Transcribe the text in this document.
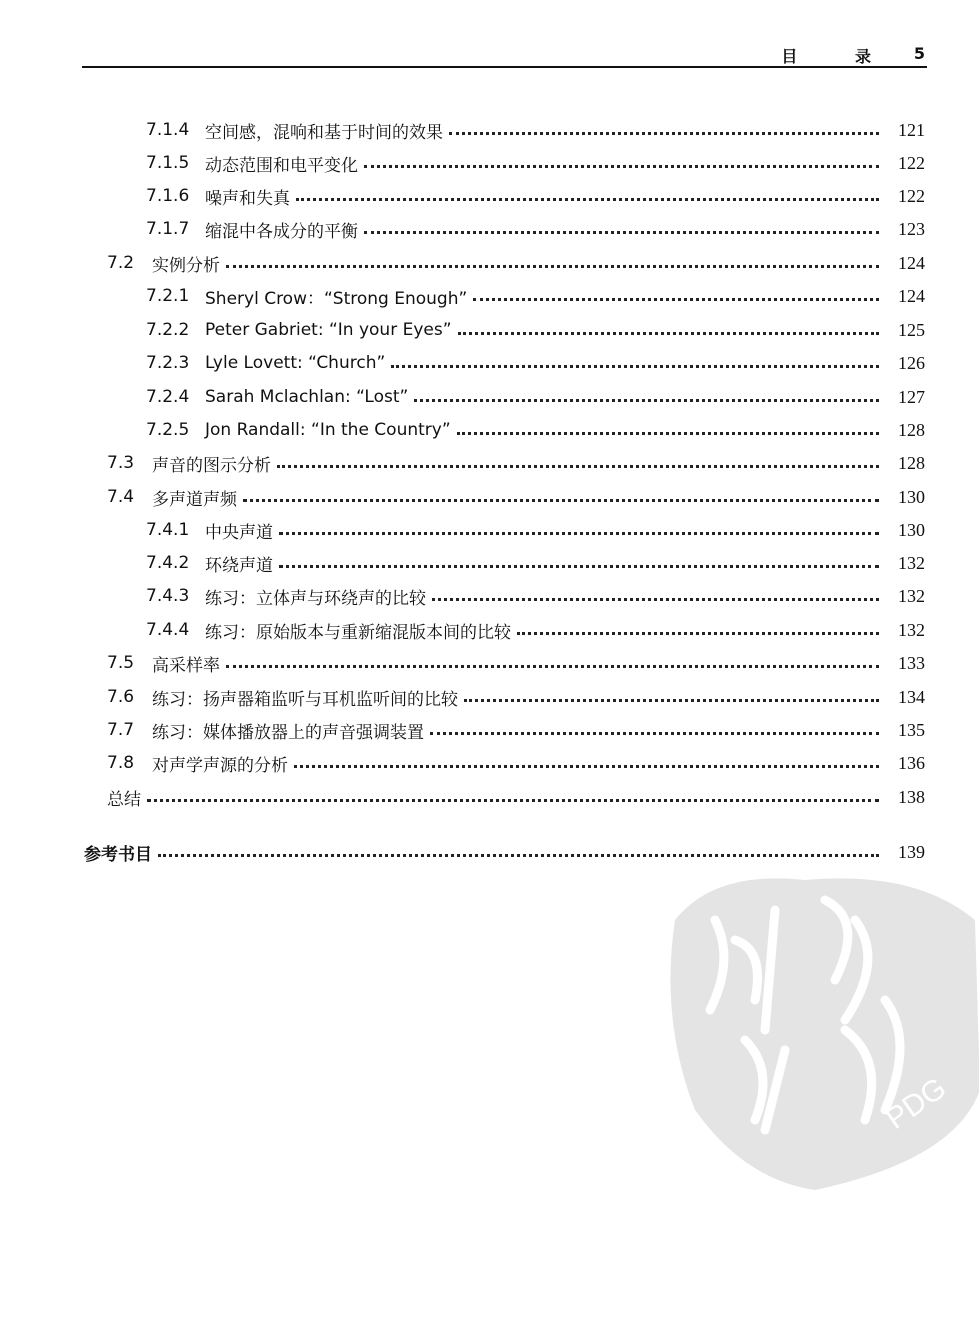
目 录 5
7.1.4 空间感，混响和基于时间的效果	121
7.1.5 动态范围和电平变化	122
7.1.6 噪声和失真	122
7.1.7 缩混中各成分的平衡	123
7.2 实例分析	124
7.2.1 Sheryl Crow：“Strong Enough”	124
7.2.2 Peter Gabriet: “In your Eyes”	125
7.2.3 Lyle Lovett: “Church”	126
7.2.4 Sarah Mclachlan: “Lost”	127
7.2.5 Jon Randall: “In the Country”	128
7.3 声音的图示分析	128
7.4 多声道声频	130
7.4.1 中央声道	130
7.4.2 环绕声道	132
7.4.3 练习：立体声与环绕声的比较	132
7.4.4 练习：原始版本与重新缩混版本间的比较	132
7.5 高采样率	133
7.6 练习：扬声器箱监听与耳机监听间的比较	134
7.7 练习：媒体播放器上的声音强调装置	135
7.8 对声学声源的分析	136
总结	138
参考书目	139
PDG
